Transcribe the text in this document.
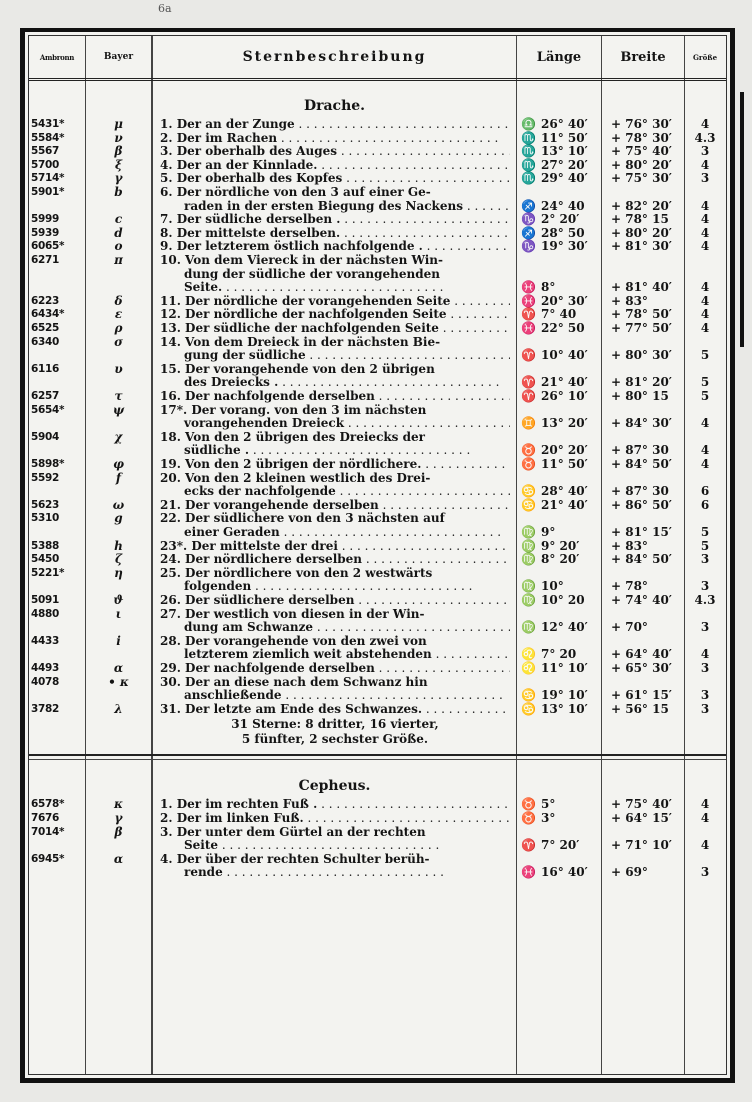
6a
Ambronn	Bayer	Sternbeschreibung	Länge	Breite	Größe
Drache.
5431*	μ	1. Der an der Zunge . . .	♎ 26° 40′	+ 76° 30′	4
5584*	ν	2. Der im Rachen . . .	♏ 11° 50′	+ 78° 30′	4.3
5567	β	3. Der oberhalb des Auges . . .	♏ 13° 10′	+ 75° 40′	3
5700	ξ	4. Der an der Kinnlade. . . .	♏ 27° 20′	+ 80° 20′	4
5714*	γ	5. Der oberhalb des Kopfes . . .	♏ 29° 40′	+ 75° 30′	3
5901*	b	6. Der nördliche von den 3 auf einer Ge-
raden in der ersten Biegung des Nackens . . .	♐ 24° 40	+ 82° 20′	4
5999	c	7. Der südliche derselben . . . .	♑ 2° 20′	+ 78° 15	4
5939	d	8. Der mittelste derselben. . . .	♐ 28° 50	+ 80° 20′	4
6065*	o	9. Der letzterem östlich nachfolgende . . . .	♑ 19° 30′	+ 81° 30′	4
6271	π	10. Von dem Viereck in der nächsten Win-
dung der südliche der vorangehenden
Seite. . . .	♓ 8°	+ 81° 40′	4
6223	δ	11. Der nördliche der vorangehenden Seite . . .	♓ 20° 30′	+ 83°	4
6434*	ε	12. Der nördliche der nachfolgenden Seite . . .	♈ 7° 40	+ 78° 50′	4
6525	ρ	13. Der südliche der nachfolgenden Seite . . .	♓ 22° 50	+ 77° 50′	4
6340	σ	14. Von dem Dreieck in der nächsten Bie-
gung der südliche . . .	♈ 10° 40′	+ 80° 30′	5
6116	υ	15. Der vorangehende von den 2 übrigen
des Dreiecks . . . .	♈ 21° 40′	+ 81° 20′	5
6257	τ	16. Der nachfolgende derselben . . .	♈ 26° 10′	+ 80° 15	5
5654*	ψ	17*. Der vorang. von den 3 im nächsten
vorangehenden Dreieck . . .	♊ 13° 20′	+ 84° 30′	4
5904	χ	18. Von den 2 übrigen des Dreiecks der
südliche . . . .	♉ 20° 20′	+ 87° 30	4
5898*	φ	19. Von den 2 übrigen der nördlichere. . . .	♉ 11° 50′	+ 84° 50′	4
5592	f	20. Von den 2 kleinen westlich des Drei-
ecks der nachfolgende . . .	♋ 28° 40′	+ 87° 30	6
5623	ω	21. Der vorangehende derselben . . .	♋ 21° 40′	+ 86° 50′	6
5310	g	22. Der südlichere von den 3 nächsten auf
einer Geraden . . .	♍ 9°	+ 81° 15′	5
5388	h	23*. Der mittelste der drei . . .	♍ 9° 20′	+ 83°	5
5450	ζ	24. Der nördlichere derselben . . .	♍ 8° 20′	+ 84° 50′	3
5221*	η	25. Der nördlichere von den 2 westwärts
folgenden . . .	♍ 10°	+ 78°	3
5091	ϑ	26. Der südlichere derselben . . .	♍ 10° 20	+ 74° 40′	4.3
4880	ι	27. Der westlich von diesen in der Win-
dung am Schwanze . . .	♍ 12° 40′	+ 70°	3
4433	i	28. Der vorangehende von den zwei von
letzterem ziemlich weit abstehenden . . .	♌ 7° 20	+ 64° 40′	4
4493	α	29. Der nachfolgende derselben . . .	♌ 11° 10′	+ 65° 30′	3
4078	• κ	30. Der an diese nach dem Schwanz hin
anschließende . . .	♋ 19° 10′	+ 61° 15′	3
3782	λ	31. Der letzte am Ende des Schwanzes. . . .	♋ 13° 10′	+ 56° 15	3
31 Sterne: 8 dritter, 16 vierter,
5 fünfter, 2 sechster Größe.
Cepheus.
6578*	κ	1. Der im rechten Fuß . . . .	♉ 5°	+ 75° 40′	4
7676	γ	2. Der im linken Fuß. . . .	♉ 3°	+ 64° 15′	4
7014*	β	3. Der unter dem Gürtel an der rechten
Seite . . .	♈ 7° 20′	+ 71° 10′	4
6945*	α	4. Der über der rechten Schulter berüh-
rende . . .	♓ 16° 40′	+ 69°	3
